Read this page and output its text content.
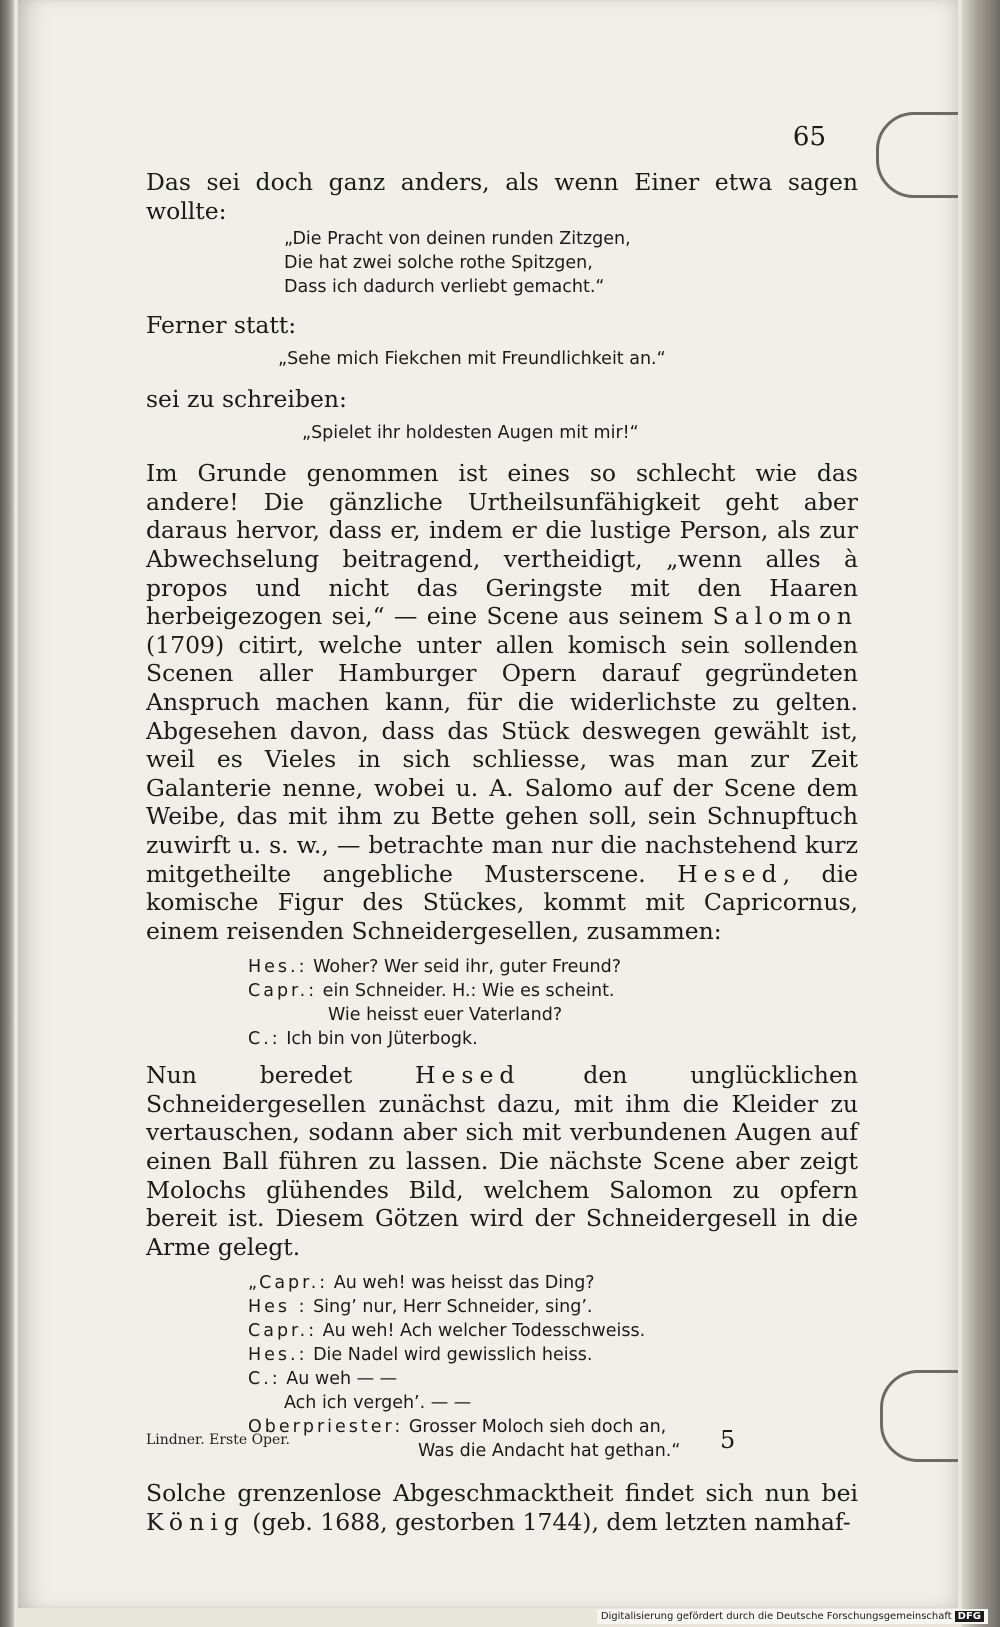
65

Das sei doch ganz anders, als wenn Einer etwa sagen wollte:

„Die Pracht von deinen runden Zitzgen,

Die hat zwei solche rothe Spitzgen,

Dass ich dadurch verliebt gemacht.“

Ferner statt:

„Sehe mich Fiekchen mit Freundlichkeit an.“

sei zu schreiben:

„Spielet ihr holdesten Augen mit mir!“

Im Grunde genommen ist eines so schlecht wie das andere! Die gänzliche Urtheilsunfähigkeit geht aber daraus hervor, dass er, indem er die lustige Person, als zur Abwechselung beitragend, vertheidigt, „wenn alles à propos und nicht das Geringste mit den Haaren herbeigezogen sei,“ — eine Scene aus seinem Salomon (1709) citirt, welche unter allen komisch sein sollenden Scenen aller Hamburger Opern darauf gegründeten Anspruch machen kann, für die widerlichste zu gelten. Abgesehen davon, dass das Stück deswegen gewählt ist, weil es Vieles in sich schliesse, was man zur Zeit Galanterie nenne, wobei u. A. Salomo auf der Scene dem Weibe, das mit ihm zu Bette gehen soll, sein Schnupftuch zuwirft u. s. w., — betrachte man nur die nachstehend kurz mitgetheilte angebliche Musterscene. Hesed, die komische Figur des Stückes, kommt mit Capricornus, einem reisenden Schneidergesellen, zusammen:

Hes.: Woher? Wer seid ihr, guter Freund?

Capr.: ein Schneider. H.: Wie es scheint.

Wie heisst euer Vaterland?

C.: Ich bin von Jüterbogk.

Nun beredet Hesed den unglücklichen Schneidergesellen zunächst dazu, mit ihm die Kleider zu vertauschen, sodann aber sich mit verbundenen Augen auf einen Ball führen zu lassen. Die nächste Scene aber zeigt Molochs glühendes Bild, welchem Salomon zu opfern bereit ist. Diesem Götzen wird der Schneidergesell in die Arme gelegt.

„Capr.: Au weh! was heisst das Ding?

Hes : Sing’ nur, Herr Schneider, sing’.

Capr.: Au weh! Ach welcher Todesschweiss.

Hes.: Die Nadel wird gewisslich heiss.

C.: Au weh — —

Ach ich vergeh’. — —

Oberpriester: Grosser Moloch sieh doch an,

Was die Andacht hat gethan.“

Solche grenzenlose Abgeschmacktheit findet sich nun bei König (geb. 1688, gestorben 1744), dem letzten namhaf-

Lindner. Erste Oper.	5
Digitalisierung gefördert durch die Deutsche Forschungsgemeinschaft DFG
